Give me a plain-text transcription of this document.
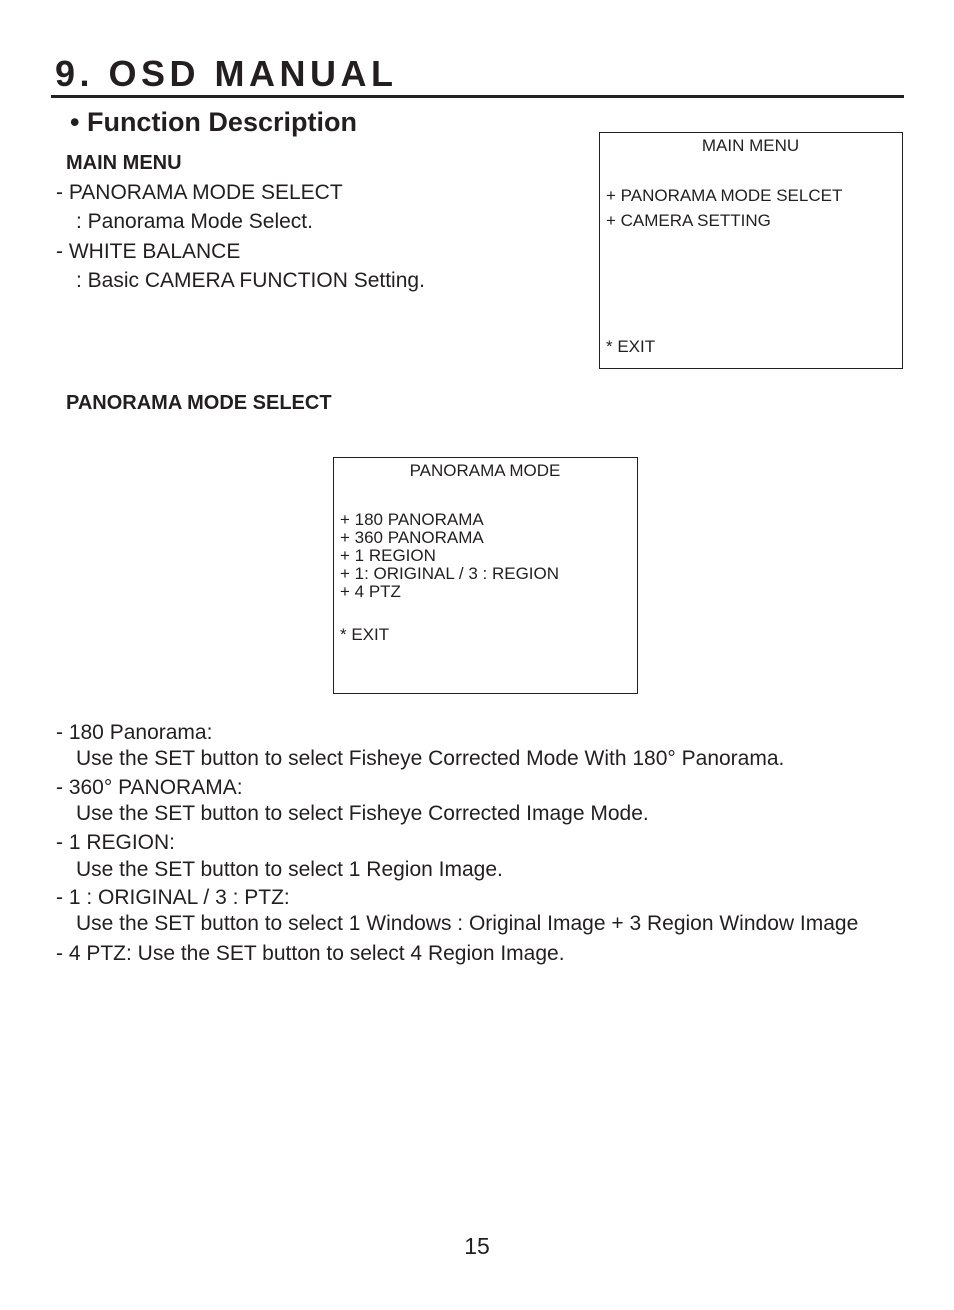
9. OSD MANUAL
• Function Description
MAIN MENU
- PANORAMA MODE SELECT
: Panorama Mode Select.
- WHITE BALANCE
: Basic CAMERA FUNCTION Setting.
MAIN MENU
+ PANORAMA MODE SELCET
+ CAMERA SETTING
* EXIT
PANORAMA MODE SELECT
PANORAMA MODE
+ 180 PANORAMA
+ 360 PANORAMA
+ 1 REGION
+ 1: ORIGINAL / 3 : REGION
+ 4 PTZ
* EXIT
- 180 Panorama:
Use the SET button to select Fisheye Corrected Mode With 180° Panorama.
- 360° PANORAMA:
Use the SET button to select Fisheye Corrected Image Mode.
- 1 REGION:
Use the SET button to select 1 Region Image.
- 1 : ORIGINAL / 3 : PTZ:
Use the SET button to select 1 Windows : Original Image + 3 Region Window Image
- 4 PTZ: Use the SET button to select 4 Region Image.
15
